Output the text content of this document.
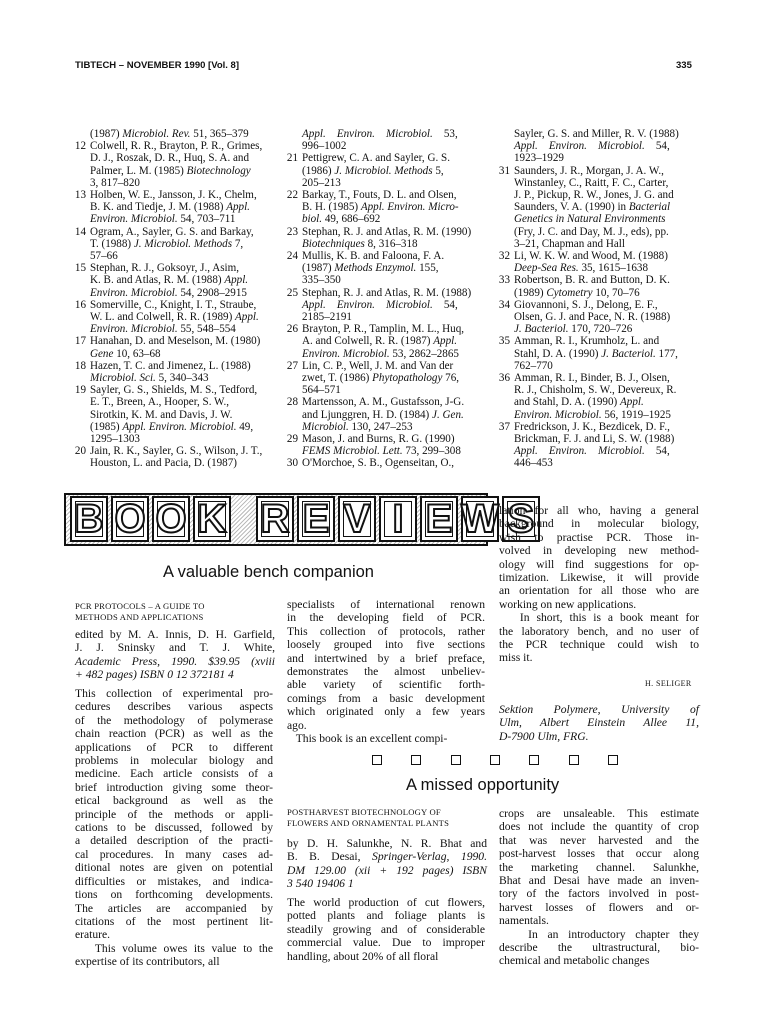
TIBTECH – NOVEMBER 1990 [Vol. 8]	335
(1987) Microbiol. Rev. 51, 365–379
12 Colwell, R. R., Brayton, P. R., Grimes,
D. J., Roszak, D. R., Huq, S. A. and
Palmer, L. M. (1985) Biotechnology
3, 817–820
13 Holben, W. E., Jansson, J. K., Chelm,
B. K. and Tiedje, J. M. (1988) Appl.
Environ. Microbiol. 54, 703–711
14 Ogram, A., Sayler, G. S. and Barkay,
T. (1988) J. Microbiol. Methods 7,
57–66
15 Stephan, R. J., Goksoyr, J., Asim,
K. B. and Atlas, R. M. (1988) Appl.
Environ. Microbiol. 54, 2908–2915
16 Somerville, C., Knight, I. T., Straube,
W. L. and Colwell, R. R. (1989) Appl.
Environ. Microbiol. 55, 548–554
17 Hanahan, D. and Meselson, M. (1980)
Gene 10, 63–68
18 Hazen, T. C. and Jimenez, L. (1988)
Microbiol. Sci. 5, 340–343
19 Sayler, G. S., Shields, M. S., Tedford,
E. T., Breen, A., Hooper, S. W.,
Sirotkin, K. M. and Davis, J. W.
(1985) Appl. Environ. Microbiol. 49,
1295–1303
20 Jain, R. K., Sayler, G. S., Wilson, J. T.,
Houston, L. and Pacia, D. (1987)
Appl.    Environ.    Microbiol.    53,
996–1002
21 Pettigrew, C. A. and Sayler, G. S.
(1986) J. Microbiol. Methods 5,
205–213
22 Barkay, T., Fouts, D. L. and Olsen,
B. H. (1985) Appl. Environ. Micro-
biol. 49, 686–692
23 Stephan, R. J. and Atlas, R. M. (1990)
Biotechniques 8, 316–318
24 Mullis, K. B. and Faloona, F. A.
(1987) Methods Enzymol. 155,
335–350
25 Stephan, R. J. and Atlas, R. M. (1988)
Appl.    Environ.    Microbiol.    54,
2185–2191
26 Brayton, P. R., Tamplin, M. L., Huq,
A. and Colwell, R. R. (1987) Appl.
Environ. Microbiol. 53, 2862–2865
27 Lin, C. P., Well, J. M. and Van der
zwet, T. (1986) Phytopathology 76,
564–571
28 Martensson, A. M., Gustafsson, J-G.
and Ljunggren, H. D. (1984) J. Gen.
Microbiol. 130, 247–253
29 Mason, J. and Burns, R. G. (1990)
FEMS Microbiol. Lett. 73, 299–308
30 O'Morchoe, S. B., Ogenseitan, O.,
Sayler, G. S. and Miller, R. V. (1988)
Appl.    Environ.    Microbiol.    54,
1923–1929
31 Saunders, J. R., Morgan, J. A. W.,
Winstanley, C., Raitt, F. C., Carter,
J. P., Pickup, R. W., Jones, J. G. and
Saunders, V. A. (1990) in Bacterial
Genetics in Natural Environments
(Fry, J. C. and Day, M. J., eds), pp.
3–21, Chapman and Hall
32 Li, W. K. W. and Wood, M. (1988)
Deep-Sea Res. 35, 1615–1638
33 Robertson, B. R. and Button, D. K.
(1989) Cytometry 10, 70–76
34 Giovannoni, S. J., Delong, E. F.,
Olsen, G. J. and Pace, N. R. (1988)
J. Bacteriol. 170, 720–726
35 Amman, R. I., Krumholz, L. and
Stahl, D. A. (1990) J. Bacteriol. 177,
762–770
36 Amman, R. I., Binder, B. J., Olsen,
R. J., Chisholm, S. W., Devereux, R.
and Stahl, D. A. (1990) Appl.
Environ. Microbiol. 56, 1919–1925
37 Fredrickson, J. K., Bezdicek, D. F.,
Brickman, F. J. and Li, S. W. (1988)
Appl.    Environ.    Microbiol.    54,
446–453
B O O K R E V I E W S
A valuable bench companion
PCR PROTOCOLS – A GUIDE TO
METHODS AND APPLICATIONS
edited by M. A. Innis, D. H. Garfield,
J. J. Sninsky and T. J. White,
Academic Press, 1990. $39.95 (xviii
+ 482 pages) ISBN 0 12 372181 4
This collection of experimental pro-
cedures describes various aspects
of the methodology of polymerase
chain reaction (PCR) as well as the
applications of PCR to different
problems in molecular biology and
medicine. Each article consists of a
brief introduction giving some theor-
etical background as well as the
principle of the methods or appli-
cations to be discussed, followed by
a detailed description of the practi-
cal procedures. In many cases ad-
ditional notes are given on potential
difficulties or mistakes, and indica-
tions on forthcoming developments.
The articles are accompanied by
citations of the most pertinent lit-
erature.
This volume owes its value to the
expertise of its contributors, all
specialists of international renown
in the developing field of PCR.
This collection of protocols, rather
loosely grouped into five sections
and intertwined by a brief preface,
demonstrates the almost unbeliev-
able variety of scientific forth-
comings from a basic development
which originated only a few years
ago.
This book is an excellent compi-
lation for all who, having a general
background in molecular biology,
wish to practise PCR. Those in-
volved in developing new method-
ology will find suggestions for op-
timization. Likewise, it will provide
an orientation for all those who are
working on new applications.
In short, this is a book meant for
the laboratory bench, and no user of
the PCR technique could wish to
miss it.
H. SELIGER
Sektion Polymere, University of
Ulm, Albert Einstein Allee 11,
D-7900 Ulm, FRG.
A missed opportunity
POSTHARVEST BIOTECHNOLOGY OF
FLOWERS AND ORNAMENTAL PLANTS
by D. H. Salunkhe, N. R. Bhat and
B. B. Desai, Springer-Verlag, 1990.
DM 129.00 (xii + 192 pages) ISBN
3 540 19406 1
The world production of cut flowers,
potted plants and foliage plants is
steadily growing and of considerable
commercial value. Due to improper
handling, about 20% of all floral
crops are unsaleable. This estimate
does not include the quantity of crop
that was never harvested and the
post-harvest losses that occur along
the marketing channel. Salunkhe,
Bhat and Desai have made an inven-
tory of the factors involved in post-
harvest losses of flowers and or-
namentals.
In an introductory chapter they
describe the ultrastructural, bio-
chemical and metabolic changes
